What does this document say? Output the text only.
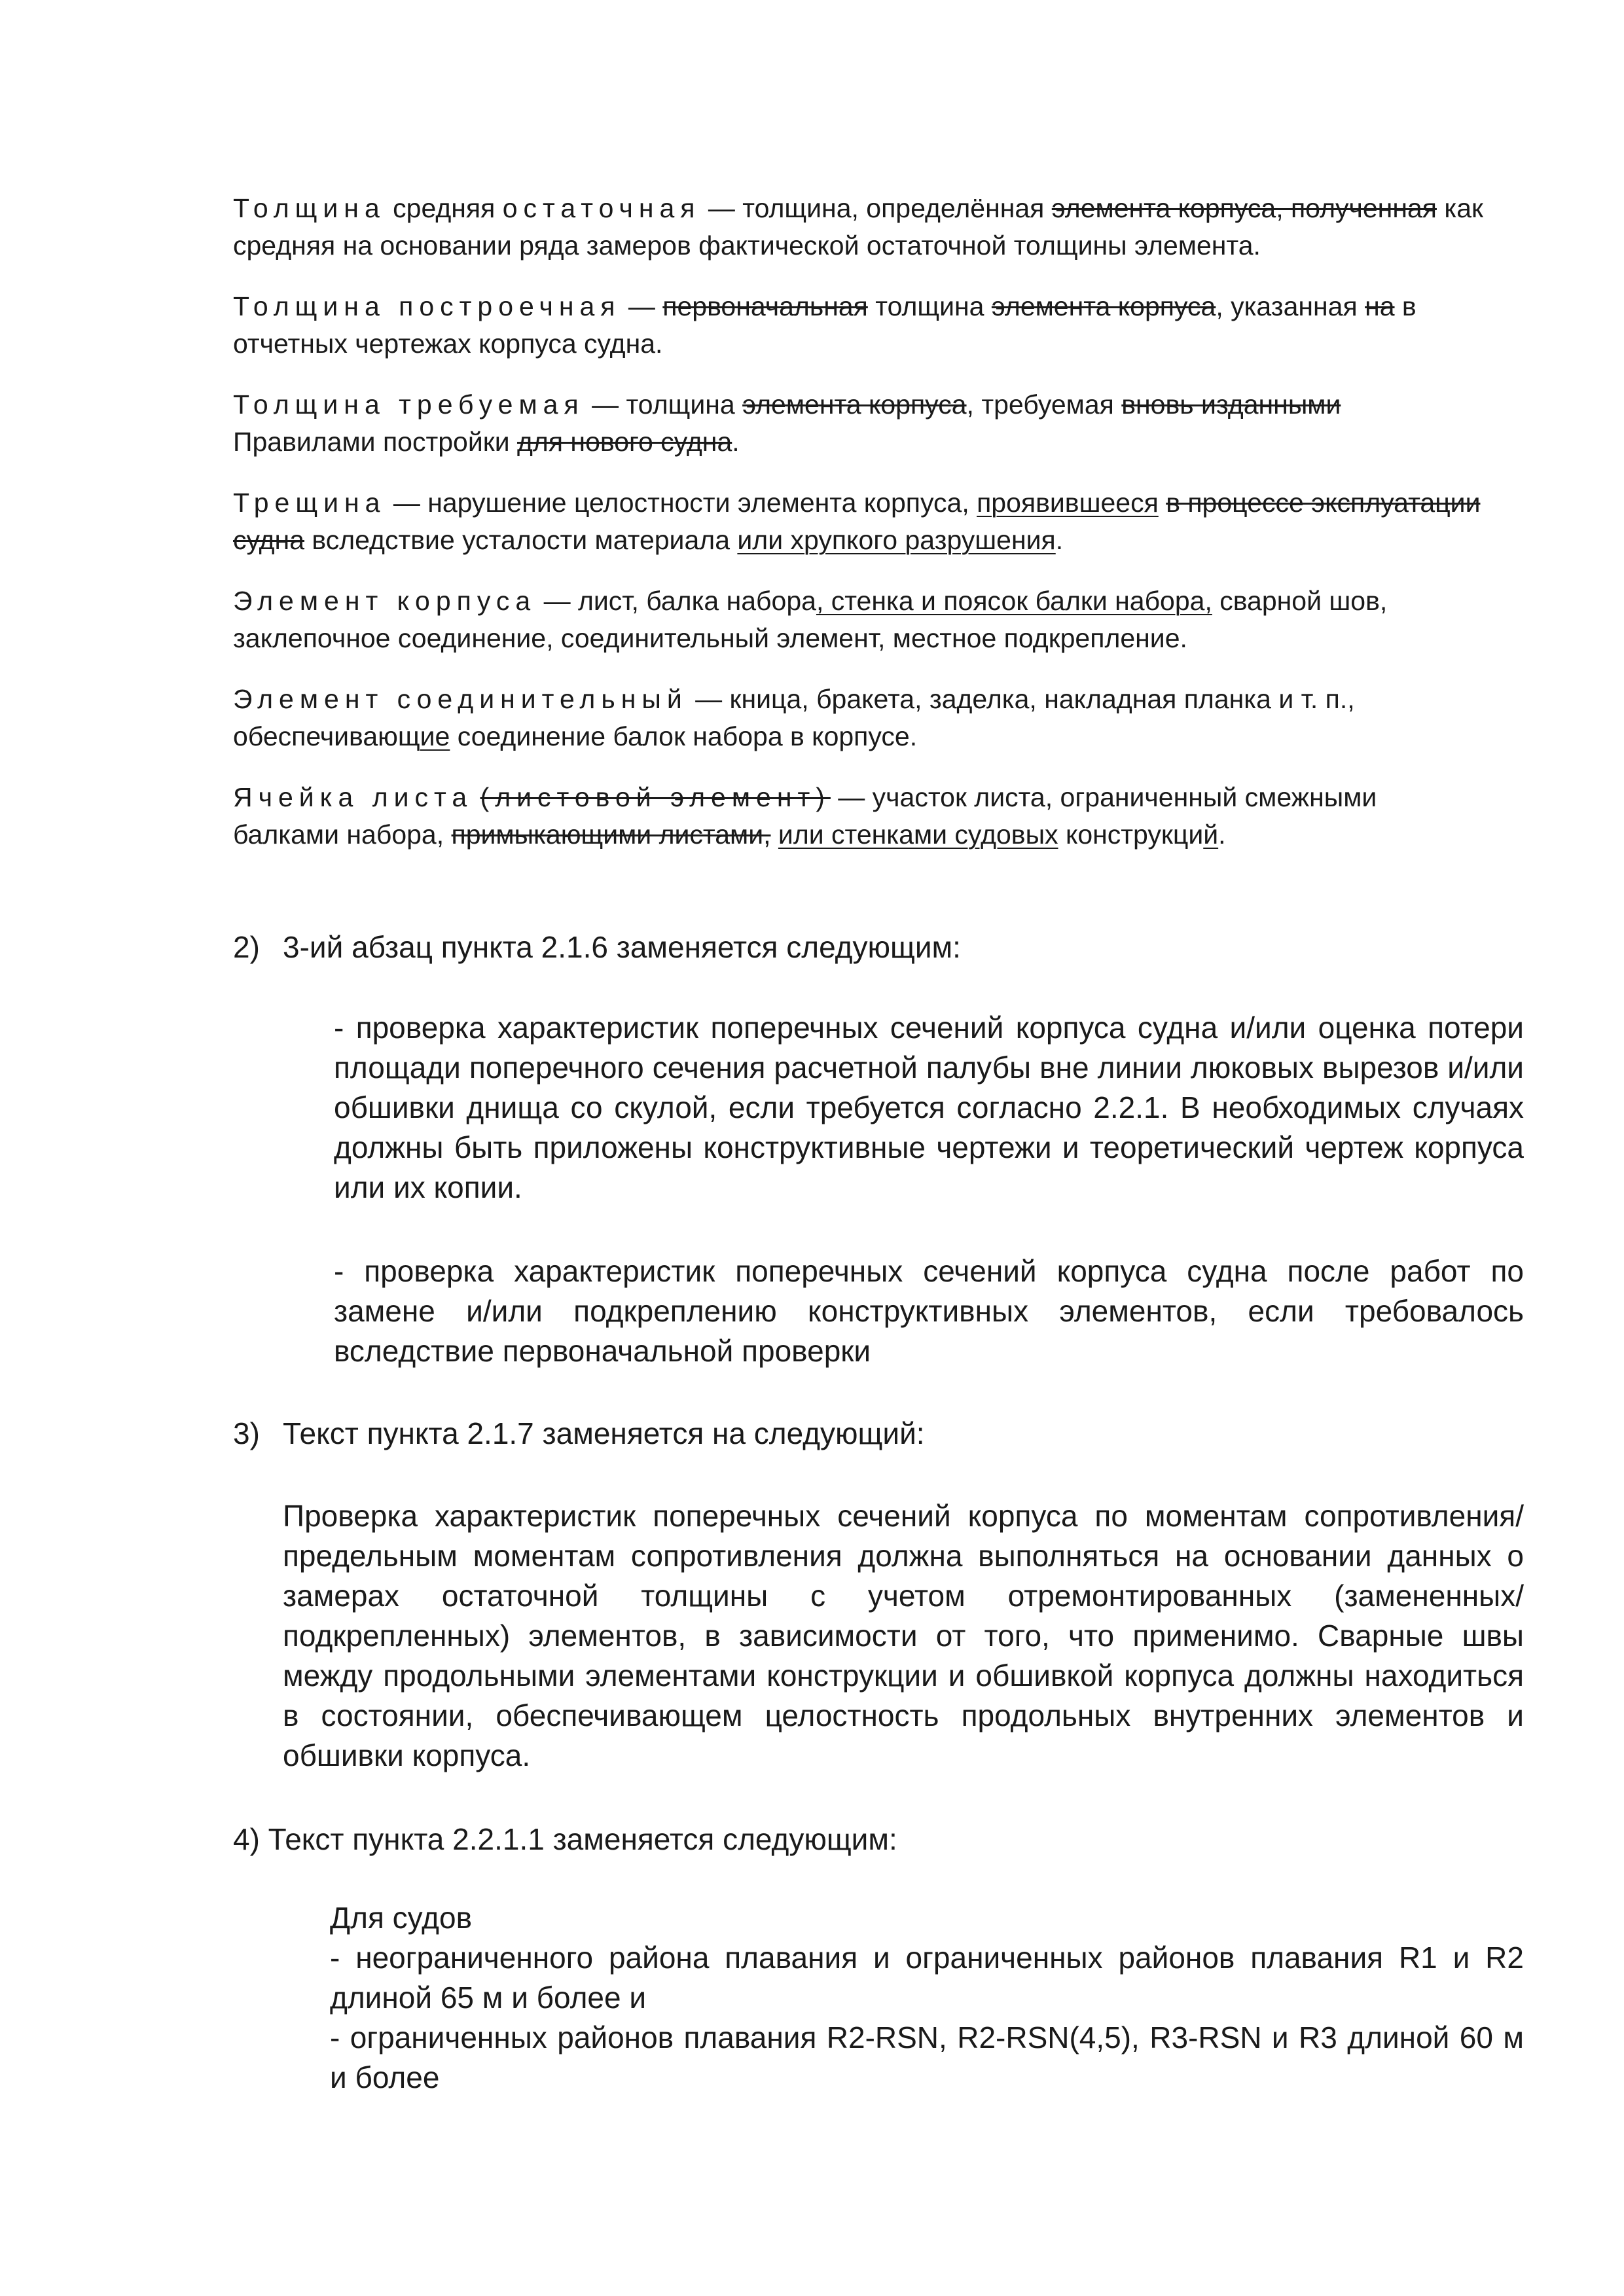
Толщина средняя остаточная — толщина, определённая элемента корпуса, полученная как средняя на основании ряда замеров фактической остаточной толщины элемента.

Толщина построечная — первоначальная толщина элемента корпуса, указанная на в отчетных чертежах корпуса судна.

Толщина требуемая — толщина элемента корпуса, требуемая вновь изданными Правилами постройки для нового судна.

Трещина — нарушение целостности элемента корпуса, проявившееся в процессе эксплуатации судна вследствие усталости материала или хрупкого разрушения.

Элемент корпуса — лист, балка набора, стенка и поясок балки набора, сварной шов, заклепочное соединение, соединительный элемент, местное подкрепление.

Элемент соединительный — кница, бракета, заделка, накладная планка и т. п., обеспечивающие соединение балок набора в корпусе.

Ячейка листа (листовой элемент) — участок листа, ограниченный смежными балками набора, примыкающими листами, или стенками судовых конструкций.

2) 3-ий абзац пункта 2.1.6 заменяется следующим:

- проверка характеристик поперечных сечений корпуса судна и/или оценка потери площади поперечного сечения расчетной палубы вне линии люковых вырезов и/или обшивки днища со скулой, если требуется согласно 2.2.1. В необходимых случаях должны быть приложены конструктивные чертежи и теоретический чертеж корпуса или их копии.

- проверка характеристик поперечных сечений корпуса судна после работ по замене и/или подкреплению конструктивных элементов, если требовалось вследствие первоначальной проверки

3) Текст пункта 2.1.7 заменяется на следующий:

Проверка характеристик поперечных сечений корпуса по моментам сопротивления/предельным моментам сопротивления должна выполняться на основании данных о замерах остаточной толщины с учетом отремонтированных (замененных/подкрепленных) элементов, в зависимости от того, что применимо. Сварные швы между продольными элементами конструкции и обшивкой корпуса должны находиться в состоянии, обеспечивающем целостность продольных внутренних элементов и обшивки корпуса.

4) Текст пункта 2.2.1.1 заменяется следующим:

Для судов

- неограниченного района плавания и ограниченных районов плавания R1 и R2 длиной 65 м и более и

- ограниченных районов плавания R2-RSN, R2-RSN(4,5), R3-RSN и R3 длиной 60 м и более
